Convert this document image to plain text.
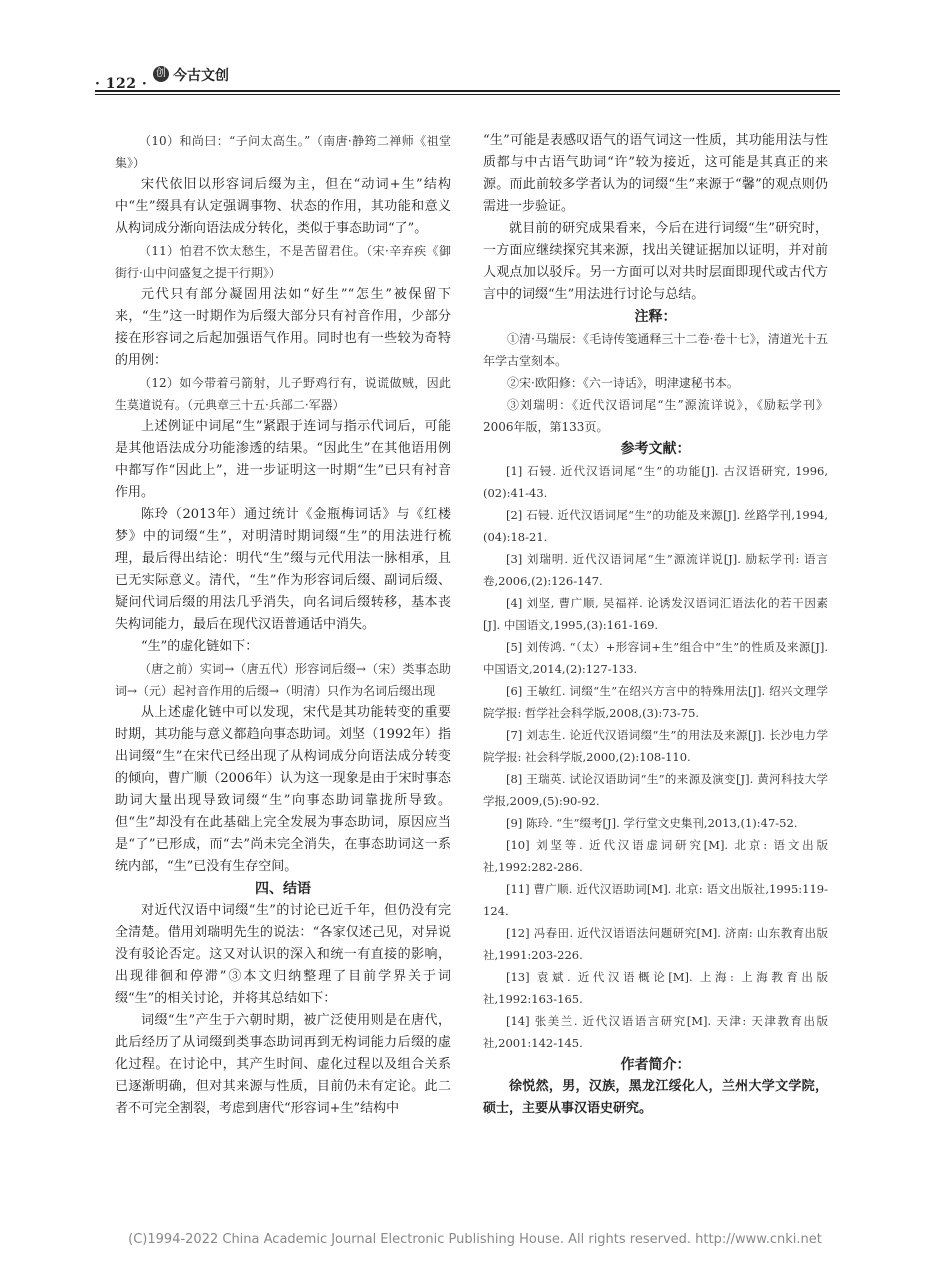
· 122 ·
创 今古文创

（10）和尚曰：“子问太高生。”（南唐·静筠二禅师《祖堂集》）

宋代依旧以形容词后缀为主，但在“动词+生”结构中“生”缀具有认定强调事物、状态的作用，其功能和意义从构词成分渐向语法成分转化，类似于事态助词“了”。

（11）怕君不饮太愁生，不是苦留君住。（宋·辛弃疾《御街行·山中问盛复之提干行期》）

元代只有部分凝固用法如“好生”“怎生”被保留下来，“生”这一时期作为后缀大部分只有衬音作用，少部分接在形容词之后起加强语气作用。同时也有一些较为奇特的用例：

（12）如今带着弓箭射，儿子野鸡行有，说谎做贼，因此生莫道说有。（元典章三十五·兵部二·军器）

上述例证中词尾“生”紧跟于连词与指示代词后，可能是其他语法成分功能渗透的结果。“因此生”在其他语用例中都写作“因此上”，进一步证明这一时期“生”已只有衬音作用。

陈玲（2013年）通过统计《金瓶梅词话》与《红楼梦》中的词缀“生”，对明清时期词缀“生”的用法进行梳理，最后得出结论：明代“生”缀与元代用法一脉相承，且已无实际意义。清代，“生”作为形容词后缀、副词后缀、疑问代词后缀的用法几乎消失，向名词后缀转移，基本丧失构词能力，最后在现代汉语普通话中消失。

“生”的虚化链如下：

（唐之前）实词→（唐五代）形容词后缀→（宋）类事态助词→（元）起衬音作用的后缀→（明清）只作为名词后缀出现

从上述虚化链中可以发现，宋代是其功能转变的重要时期，其功能与意义都趋向事态助词。刘坚（1992年）指出词缀“生”在宋代已经出现了从构词成分向语法成分转变的倾向，曹广顺（2006年）认为这一现象是由于宋时事态助词大量出现导致词缀“生”向事态助词靠拢所导致。但“生”却没有在此基础上完全发展为事态助词，原因应当是“了”已形成，而“去”尚未完全消失，在事态助词这一系统内部，“生”已没有生存空间。

四、结语

对近代汉语中词缀“生”的讨论已近千年，但仍没有完全清楚。借用刘瑞明先生的说法：“各家仅述己见，对异说没有驳论否定。这又对认识的深入和统一有直接的影响，出现徘徊和停滞”③本文归纳整理了目前学界关于词缀“生”的相关讨论，并将其总结如下：

词缀“生”产生于六朝时期，被广泛使用则是在唐代，此后经历了从词缀到类事态助词再到无构词能力后缀的虚化过程。在讨论中，其产生时间、虚化过程以及组合关系已逐渐明确，但对其来源与性质，目前仍未有定论。此二者不可完全割裂，考虑到唐代“形容词+生”结构中

“生”可能是表感叹语气的语气词这一性质，其功能用法与性质都与中古语气助词“许”较为接近，这可能是其真正的来源。而此前较多学者认为的词缀“生”来源于“馨”的观点则仍需进一步验证。

就目前的研究成果看来，今后在进行词缀“生”研究时，一方面应继续探究其来源，找出关键证据加以证明，并对前人观点加以驳斥。另一方面可以对共时层面即现代或古代方言中的词缀“生”用法进行讨论与总结。

注释：

①清·马瑞辰：《毛诗传笺通释三十二卷·卷十七》，清道光十五年学古堂刻本。

②宋·欧阳修：《六一诗话》，明津逮秘书本。

③刘瑞明：《近代汉语词尾“生”源流详说》，《励耘学刊》2006年版，第133页。

参考文献：

[1] 石锓. 近代汉语词尾“生”的功能[J]. 古汉语研究, 1996,(02):41-43.

[2] 石锓. 近代汉语词尾“生”的功能及来源[J]. 丝路学刊,1994,(04):18-21.

[3] 刘瑞明. 近代汉语词尾“生”源流详说[J]. 励耘学刊: 语言卷,2006,(2):126-147.

[4] 刘坚, 曹广顺, 吴福祥. 论诱发汉语词汇语法化的若干因素[J]. 中国语文,1995,(3):161-169.

[5] 刘传鸿. “（太）+形容词+生”组合中“生”的性质及来源[J]. 中国语文,2014,(2):127-133.

[6] 王敏红. 词缀“生”在绍兴方言中的特殊用法[J]. 绍兴文理学院学报: 哲学社会科学版,2008,(3):73-75.

[7] 刘志生. 论近代汉语词缀“生”的用法及来源[J]. 长沙电力学院学报: 社会科学版,2000,(2):108-110.

[8] 王瑞英. 试论汉语助词“生”的来源及演变[J]. 黄河科技大学学报,2009,(5):90-92.

[9] 陈玲. “生”缀考[J]. 学行堂文史集刊,2013,(1):47-52.

[10] 刘坚等. 近代汉语虚词研究[M]. 北京: 语文出版社,1992:282-286.

[11] 曹广顺. 近代汉语助词[M]. 北京: 语文出版社,1995:119-124.

[12] 冯春田. 近代汉语语法问题研究[M]. 济南: 山东教育出版社,1991:203-226.

[13] 袁斌. 近代汉语概论[M]. 上海: 上海教育出版社,1992:163-165.

[14] 张美兰. 近代汉语语言研究[M]. 天津: 天津教育出版社,2001:142-145.

作者简介：

徐悦然，男，汉族，黑龙江绥化人，兰州大学文学院，硕士，主要从事汉语史研究。

(C)1994-2022 China Academic Journal Electronic Publishing House. All rights reserved. http://www.cnki.net
